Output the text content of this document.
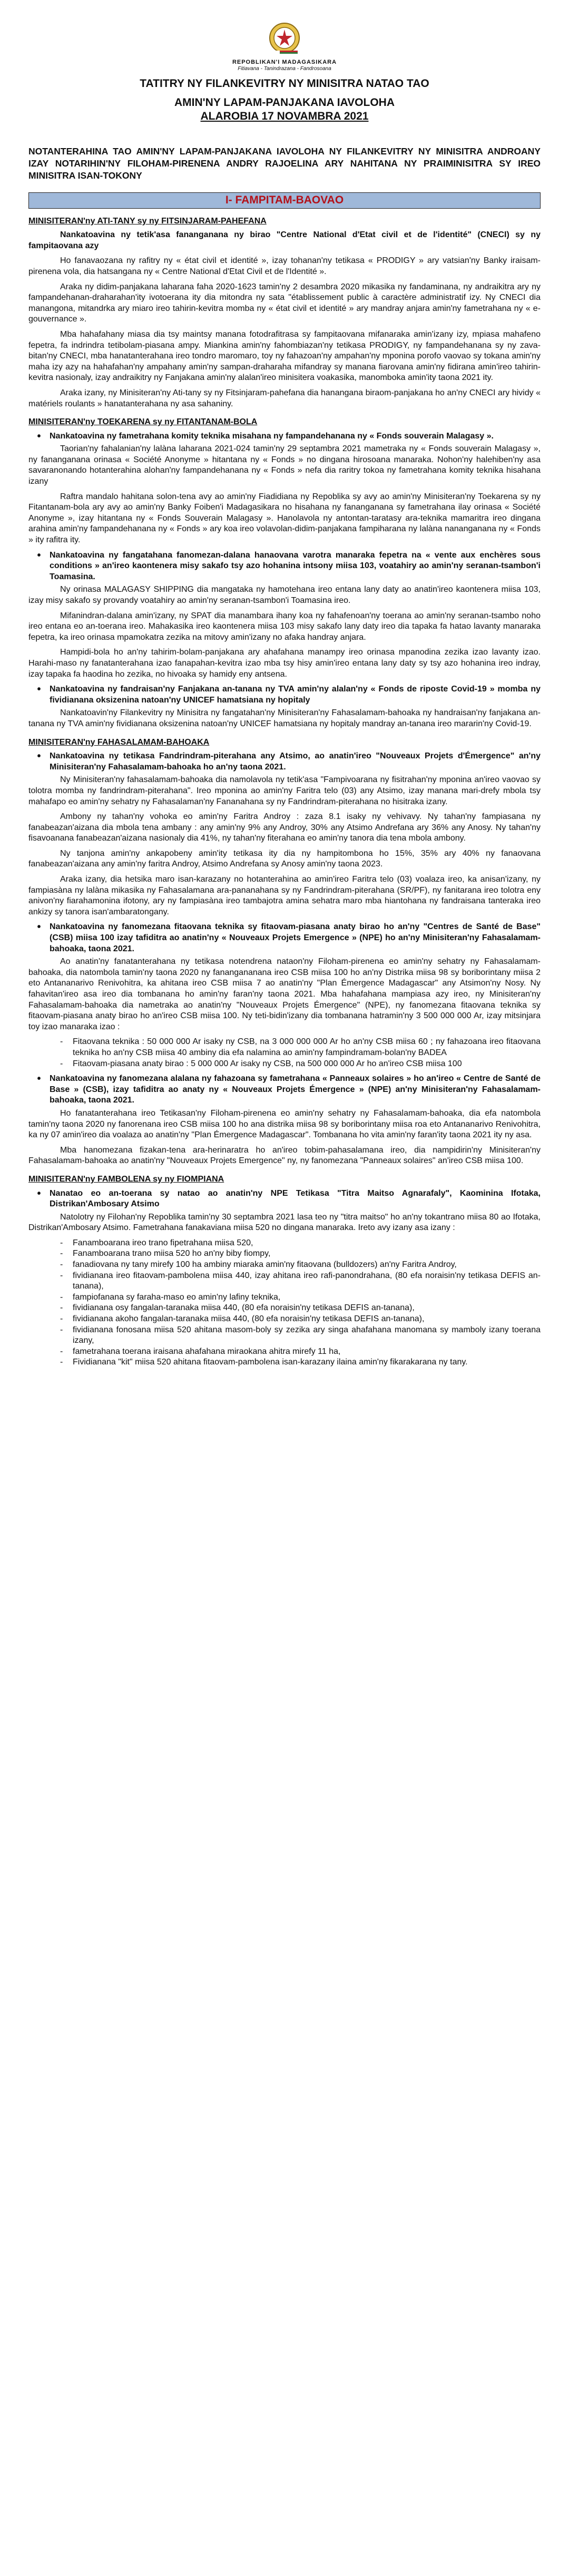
REPOBLIKAN'I MADAGASIKARA
Fitiavana - Tanindrazana - Fandrosoana
TATITRY NY FILANKEVITRY NY MINISITRA NATAO TAO
AMIN'NY LAPAM-PANJAKANA IAVOLOHA
ALAROBIA 17 NOVAMBRA 2021
NOTANTERAHINA TAO AMIN'NY LAPAM-PANJAKANA IAVOLOHA NY FILANKEVITRY NY MINISITRA ANDROANY IZAY NOTARIHIN'NY FILOHAM-PIRENENA ANDRY RAJOELINA ARY NAHITANA NY PRAIMINISITRA SY IREO MINISITRA ISAN-TOKONY
I- FAMPITAM-BAOVAO
MINISITERAN'ny ATI-TANY sy ny FITSINJARAM-PAHEFANA

Nankatoavina ny tetik'asa fananganana ny birao "Centre National d'Etat civil et de l'identité" (CNECI) sy ny fampitaovana azy

Ho fanavaozana ny rafitry ny « état civil et identité », izay tohanan'ny tetikasa « PRODIGY » ary vatsian'ny Banky iraisam-pirenena vola, dia hatsangana ny « Centre National d'Etat Civil et de l'Identité ».

Araka ny didim-panjakana laharana faha 2020-1623 tamin'ny 2 desambra 2020 mikasika ny fandaminana, ny andraikitra ary ny fampandehanan-draharahan'ity ivotoerana ity dia mitondra ny sata "établissement public à caractère administratif izy. Ny CNECI dia manangona, mitandrka ary miaro ireo tahirin-kevitra momba ny « état civil et identité » ary mandray anjara amin'ny fametrahana ny « e-gouvernance ».

Mba hahafahany miasa dia tsy maintsy manana fotodrafitrasa sy fampitaovana mifanaraka amin'izany izy, mpiasa mahafeno fepetra, fa indrindra tetibolam-piasana ampy. Miankina amin'ny fahombiazan'ny tetikasa PRODIGY, ny fampandehanana sy ny zava-bitan'ny CNECI, mba hanatanterahana ireo tondro maromaro, toy ny fahazoan'ny ampahan'ny mponina porofo vaovao sy tokana amin'ny maha izy azy na hahafahan'ny ampahany amin'ny sampan-draharaha mifandray sy manana fiarovana amin'ny fidirana amin'ireo tahirin-kevitra nasionaly, izay andraikitry ny Fanjakana amin'ny alalan'ireo minisitera voakasika, manomboka amin'ity taona 2021 ity.

Araka izany, ny Minisiteran'ny Ati-tany sy ny Fitsinjaram-pahefana dia hanangana biraom-panjakana ho an'ny CNECI ary hividy « matériels roulants » hanatanterahana ny asa sahaniny.

MINISITERAN'ny TOEKARENA sy ny FITANTANAM-BOLA
•	Nankatoavina ny fametrahana komity teknika misahana ny fampandehanana ny « Fonds souverain Malagasy ».

Taorian'ny fahalanian'ny lalàna laharana 2021-024 tamin'ny 29 septambra 2021 mametraka ny « Fonds souverain Malagasy », ny fananganana orinasa « Société Anonyme » hitantana ny « Fonds » no dingana hirosoana manaraka. Nohon'ny halehiben'ny asa savaranonando hotanterahina alohan'ny fampandehanana ny « Fonds » nefa dia raritry tokoa ny fametrahana komity teknika hisahana izany

Raftra mandalo hahitana solon-tena avy ao amin'ny Fiadidiana ny Repoblika sy avy ao amin'ny Minisiteran'ny Toekarena sy ny Fitantanam-bola ary avy ao amin'ny Banky Foiben'i Madagasikara no hisahana ny fananganana sy fametrahana ilay orinasa « Société Anonyme », izay hitantana ny « Fonds Souverain Malagasy ». Hanolavola ny antontan-taratasy ara-teknika mamaritra ireo dingana arahina amin'ny fampandehanana ny « Fonds » ary koa ireo volavolan-didim-panjakana fampiharana ny lalàna nananganana ny « Fonds » ity rafitra ity.

•	Nankatoavina ny fangatahana fanomezan-dalana hanaovana varotra manaraka fepetra na « vente aux enchères sous conditions » an'ireo kaontenera misy sakafo tsy azo hohanina intsony miisa 103, voatahiry ao amin'ny seranan-tsambon'i Toamasina.

Ny orinasa MALAGASY SHIPPING dia mangataka ny hamotehana ireo entana lany daty ao anatin'ireo kaontenera miisa 103, izay misy sakafo sy provandy voatahiry ao amin'ny seranan-tsambon'i Toamasina ireo.

Mifanindran-dalana amin'izany, ny SPAT dia manambara ihany koa ny fahafenoan'ny toerana ao amin'ny seranan-tsambo noho ireo entana eo an-toerana ireo. Mahakasika ireo kaontenera miisa 103 misy sakafo lany daty ireo dia tapaka fa hatao lavanty manaraka fepetra, ka ireo orinasa mpamokatra zezika na mitovy amin'izany no afaka handray anjara.

Hampidi-bola ho an'ny tahirim-bolam-panjakana ary ahafahana manampy ireo orinasa mpanodina zezika izao lavanty izao. Harahi-maso ny fanatanterahana izao fanapahan-kevitra izao mba tsy hisy amin'ireo entana lany daty sy tsy azo hohanina ireo indray, izay tapaka fa haodina ho zezika, no hivoaka sy hamidy eny antsena.

•	Nankatoavina ny fandraisan'ny Fanjakana an-tanana ny TVA amin'ny alalan'ny « Fonds de riposte Covid-19 » momba ny fividianana oksizenina natoan'ny UNICEF hamatsiana ny hopitaly

Nankatoavin'ny Filankevitry ny Minisitra ny fangatahan'ny Minisiteran'ny Fahasalamam-bahoaka ny handraisan'ny fanjakana an-tanana ny TVA amin'ny fividianana oksizenina natoan'ny UNICEF hamatsiana ny hopitaly mandray an-tanana ireo mararin'ny Covid-19.

MINISITERAN'ny FAHASALAMAM-BAHOAKA
•	Nankatoavina ny tetikasa Fandrindram-piterahana any Atsimo, ao anatin'ireo "Nouveaux Projets d'Émergence" an'ny Minisiteran'ny Fahasalamam-bahoaka ho an'ny taona 2021.

Ny Minisiteran'ny fahasalamam-bahoaka dia namolavola ny tetik'asa "Fampivoarana ny fisitrahan'ny mponina an'ireo vaovao sy tolotra momba ny fandrindram-piterahana". Ireo mponina ao amin'ny Faritra telo (03) any Atsimo, izay manana mari-drefy mbola tsy mahafapo eo amin'ny sehatry ny Fahasalaman'ny Fananahana sy ny Fandrindram-piterahana no hisitraka izany.

Ambony ny tahan'ny vohoka eo amin'ny Faritra Androy : zaza 8.1 isaky ny vehivavy. Ny tahan'ny fampiasana ny fanabeazan'aizana dia mbola tena ambany : any amin'ny 9% any Androy, 30% any Atsimo Andrefana ary 36% any Anosy. Ny tahan'ny fisavoanana fanabeazan'aizana nasionaly dia 41%, ny tahan'ny fiterahana eo amin'ny tanora dia tena mbola ambony.

Ny tanjona amin'ny ankapobeny amin'ity tetikasa ity dia ny hampitombona ho 15%, 35% ary 40% ny fanaovana fanabeazan'aizana any amin'ny faritra Androy, Atsimo Andrefana sy Anosy amin'ny taona 2023.

Araka izany, dia hetsika maro isan-karazany no hotanterahina ao amin'ireo Faritra telo (03) voalaza ireo, ka anisan'izany, ny fampiasàna ny lalàna mikasika ny Fahasalamana ara-pananahana sy ny Fandrindram-piterahana (SR/PF), ny fanitarana ireo tolotra eny anivon'ny fiarahamonina ifotony, ary ny fampiasàna ireo tambajotra amina sehatra maro mba hiantohana ny fandraisana tanteraka ireo ankizy sy tanora isan'ambaratongany.

•	Nankatoavina ny fanomezana fitaovana teknika sy fitaovam-piasana anaty birao ho an'ny "Centres de Santé de Base" (CSB) miisa 100 izay tafiditra ao anatin'ny « Nouveaux Projets Emergence » (NPE) ho an'ny Minisiteran'ny Fahasalamam-bahoaka, taona 2021.

Ao anatin'ny fanatanterahana ny tetikasa notendrena nataon'ny Filoham-pirenena eo amin'ny sehatry ny Fahasalamam-bahoaka, dia natombola tamin'ny taona 2020 ny fanangananana ireo CSB miisa 100 ho an'ny Distrika miisa 98 sy boriborintany miisa 2 eto Antananarivo Renivohitra, ka ahitana ireo CSB miisa 7 ao anatin'ny "Plan Émergence Madagascar" any Atsimon'ny Nosy. Ny fahavitan'ireo asa ireo dia tombanana ho amin'ny faran'ny taona 2021. Mba hahafahana mampiasa azy ireo, ny Minisiteran'ny Fahasalamam-bahoaka dia nametraka ao anatin'ny "Nouveaux Projets Émergence" (NPE), ny fanomezana fitaovana teknika sy fitaovam-piasana anaty birao ho an'ireo CSB miisa 100. Ny teti-bidin'izany dia tombanana hatramin'ny 3 500 000 000 Ar, izay mitsinjara toy izao manaraka izao :

- Fitaovana teknika : 50 000 000 Ar isaky ny CSB, na 3 000 000 000 Ar ho an'ny CSB miisa 60 ; ny fahazoana ireo fitaovana teknika ho an'ny CSB miisa 40 ambiny dia efa nalamina ao amin'ny fampindramam-bolan'ny BADEA
- Fitaovam-piasana anaty birao : 5 000 000 Ar isaky ny CSB, na 500 000 000 Ar ho an'ireo CSB miisa 100
•	Nankatoavina ny fanomezana alalana ny fahazoana sy fametrahana « Panneaux solaires » ho an'ireo « Centre de Santé de Base » (CSB), izay tafiditra ao anaty ny « Nouveaux Projets Émergence » (NPE) an'ny Minisiteran'ny Fahasalamam-bahoaka, taona 2021.

Ho fanatanterahana ireo Tetikasan'ny Filoham-pirenena eo amin'ny sehatry ny Fahasalamam-bahoaka, dia efa natombola tamin'ny taona 2020 ny fanorenana ireo CSB miisa 100 ho ana distrika miisa 98 sy boriborintany miisa roa eto Antananarivo Renivohitra, ka ny 07 amin'ireo dia voalaza ao anatin'ny "Plan Émergence Madagascar". Tombanana ho vita amin'ny faran'ity taona 2021 ity ny asa.

Mba hanomezana fizakan-tena ara-herinaratra ho an'ireo tobim-pahasalamana ireo, dia nampidirin'ny Minisiteran'ny Fahasalamam-bahoaka ao anatin'ny "Nouveaux Projets Emergence" ny, ny fanomezana "Panneaux solaires" an'ireo CSB miisa 100.

MINISITERAN'ny FAMBOLENA sy ny FIOMPIANA
•	Nanatao eo an-toerana sy natao ao anatin'ny NPE Tetikasa "Titra Maitso Agnarafaly", Kaominina Ifotaka, Distrikan'Ambosary Atsimo

Natolotry ny Filohan'ny Repoblika tamin'ny 30 septambra 2021 lasa teo ny "titra maitso" ho an'ny tokantrano miisa 80 ao Ifotaka, Distrikan'Ambosary Atsimo. Fametrahana fanakaviana miisa 520 no dingana manaraka. Ireto avy izany asa izany :

- Fanamboarana ireo trano fipetrahana miisa 520,
- Fanamboarana trano miisa 520 ho an'ny biby fiompy,
- fanadiovana ny tany mirefy 100 ha ambiny miaraka amin'ny fitaovana (bulldozers) an'ny Faritra Androy,
- fividianana ireo fitaovam-pambolena miisa 440, izay ahitana ireo rafi-panondrahana, (80 efa noraisin'ny tetikasa DEFIS an-tanana),
- fampiofanana sy faraha-maso eo amin'ny lafiny teknika,
- fividianana osy fangalan-taranaka miisa 440, (80 efa noraisin'ny tetikasa DEFIS an-tanana),
- fividianana akoho fangalan-taranaka miisa 440, (80 efa noraisin'ny tetikasa DEFIS an-tanana),
- fividianana fonosana miisa 520 ahitana masom-boly sy zezika ary singa ahafahana manomana sy mamboly izany toerana izany,
- fametrahana toerana iraisana ahafahana miraokana ahitra mirefy 11 ha,
- Fividianana "kit" miisa 520 ahitana fitaovam-pambolena isan-karazany ilaina amin'ny fikarakarana ny tany.
